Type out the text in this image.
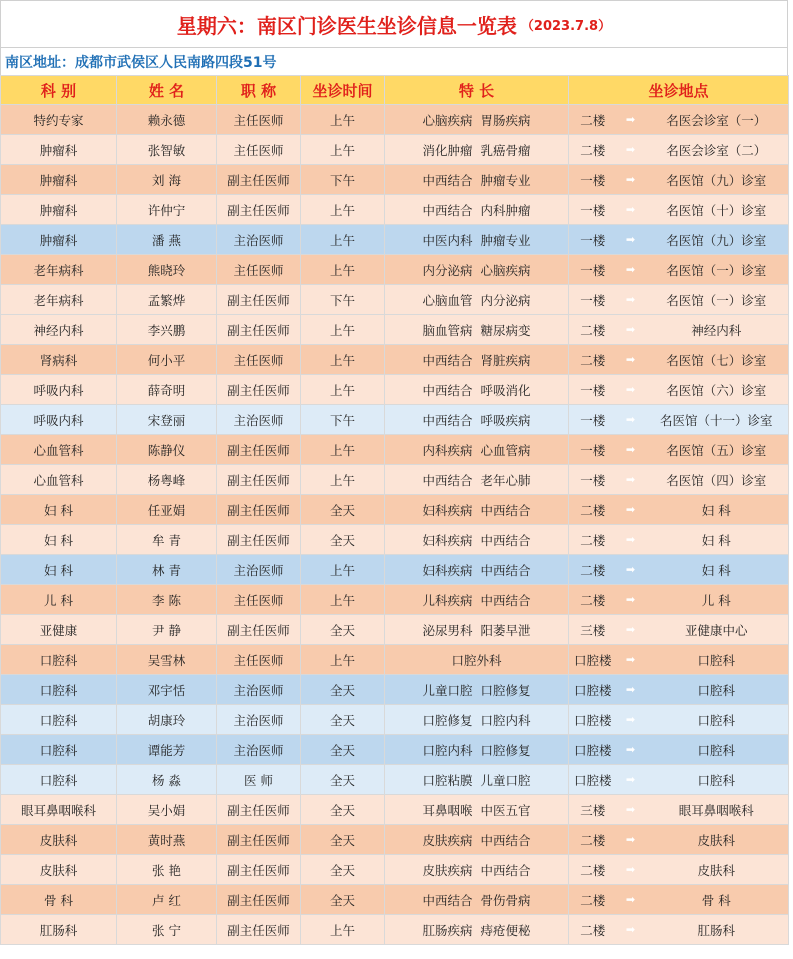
星期六：南区门诊医生坐诊信息一览表 （2023.7.8）
南区地址： 成都市武侯区人民南路四段51号
科 别	姓 名	职 称	坐诊时间	特 长	坐诊地点		
特约专家	赖永德	主任医师	上午	心脑疾病 胃肠疾病	二楼	➡	名医会诊室（一）
肿瘤科	张智敏	主任医师	上午	消化肿瘤 乳癌骨瘤	二楼	➡	名医会诊室（二）
肿瘤科	刘 海	副主任医师	下午	中西结合 肿瘤专业	一楼	➡	名医馆（九）诊室
肿瘤科	许仲宁	副主任医师	上午	中西结合 内科肿瘤	一楼	➡	名医馆（十）诊室
肿瘤科	潘 燕	主治医师	上午	中医内科 肿瘤专业	一楼	➡	名医馆（九）诊室
老年病科	熊晓玲	主任医师	上午	内分泌病 心脑疾病	一楼	➡	名医馆（一）诊室
老年病科	孟繁烨	副主任医师	下午	心脑血管 内分泌病	一楼	➡	名医馆（一）诊室
神经内科	李兴鹏	副主任医师	上午	脑血管病 糖尿病变	二楼	➡	神经内科
肾病科	何小平	主任医师	上午	中西结合 肾脏疾病	二楼	➡	名医馆（七）诊室
呼吸内科	薛奇明	副主任医师	上午	中西结合 呼吸消化	一楼	➡	名医馆（六）诊室
呼吸内科	宋登丽	主治医师	下午	中西结合 呼吸疾病	一楼	➡	名医馆（十一）诊室
心血管科	陈静仪	副主任医师	上午	内科疾病 心血管病	一楼	➡	名医馆（五）诊室
心血管科	杨粤峰	副主任医师	上午	中西结合 老年心肺	一楼	➡	名医馆（四）诊室
妇 科	任亚娟	副主任医师	全天	妇科疾病 中西结合	二楼	➡	妇 科
妇 科	牟 青	副主任医师	全天	妇科疾病 中西结合	二楼	➡	妇 科
妇 科	林 青	主治医师	上午	妇科疾病 中西结合	二楼	➡	妇 科
儿 科	李 陈	主任医师	上午	儿科疾病 中西结合	二楼	➡	儿 科
亚健康	尹 静	副主任医师	全天	泌尿男科 阳萎早泄	三楼	➡	亚健康中心
口腔科	吴雪林	主任医师	上午	口腔外科	口腔楼	➡	口腔科
口腔科	邓宇恬	主治医师	全天	儿童口腔 口腔修复	口腔楼	➡	口腔科
口腔科	胡康玲	主治医师	全天	口腔修复 口腔内科	口腔楼	➡	口腔科
口腔科	谭能芳	主治医师	全天	口腔内科 口腔修复	口腔楼	➡	口腔科
口腔科	杨 淼	医 师	全天	口腔粘膜 儿童口腔	口腔楼	➡	口腔科
眼耳鼻咽喉科	吴小娟	副主任医师	全天	耳鼻咽喉 中医五官	三楼	➡	眼耳鼻咽喉科
皮肤科	黄时燕	副主任医师	全天	皮肤疾病 中西结合	二楼	➡	皮肤科
皮肤科	张 艳	副主任医师	全天	皮肤疾病 中西结合	二楼	➡	皮肤科
骨 科	卢 红	副主任医师	全天	中西结合 骨伤骨病	二楼	➡	骨 科
肛肠科	张 宁	副主任医师	上午	肛肠疾病 痔疮便秘	二楼	➡	肛肠科
